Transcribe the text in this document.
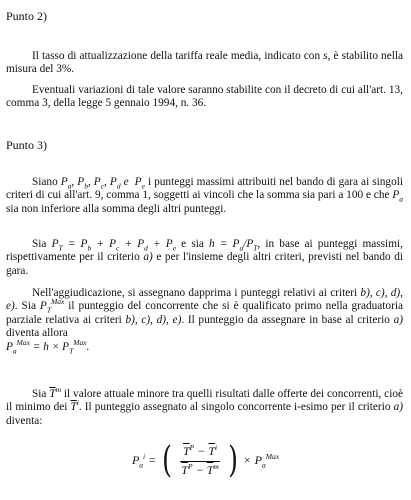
Punto 2)

Il tasso di attualizzazione della tariffa reale media, indicato con s, è stabilito nella misura del 3%.

Eventuali variazioni di tale valore saranno stabilite con il decreto di cui all'art. 13, comma 3, della legge 5 gennaio 1994, n. 36.

Punto 3)

Siano $P_a$, $P_b$, $P_c$, $P_d$ e  $P_e$ i punteggi massimi attribuiti nel bando di gara ai singoli criteri di cui all'art. 9, comma 1, soggetti ai vincoli che la somma sia pari a 100 e che $P_a$ sia non inferiore alla somma degli altri punteggi.

Sia $P_T = P_b + P_c + P_d + P_e$ e sia $h = P_a/P_T$, in base ai punteggi massimi, rispettivamente per il criterio a) e per l'insieme degli altri criteri, previsti nel bando di gara.

Nell'aggiudicazione, si assegnano dapprima i punteggi relativi ai criteri b), c), d), e). Sia $P_T^{Max}$ il punteggio del concorrente che si è qualificato primo nella graduatoria parziale relativa ai criteri b), c), d), e). Il punteggio da assegnare in base al criterio a) diventa allora
$P_a^{Max} = h \times P_T^{Max}$.

Sia $\overline{T}^m$ il valore attuale minore tra quelli risultati dalle offerte dei concorrenti, cioè il minimo dei $\overline{T}^i$. Il punteggio assegnato al singolo concorrente i-esimo per il criterio a) diventa:

$P_a^i$ = ( $\frac{\overline{T}^P - \overline{T}^i}{\overline{T}^P - \overline{T}^m}$ ) × $P_a^{Max}$
